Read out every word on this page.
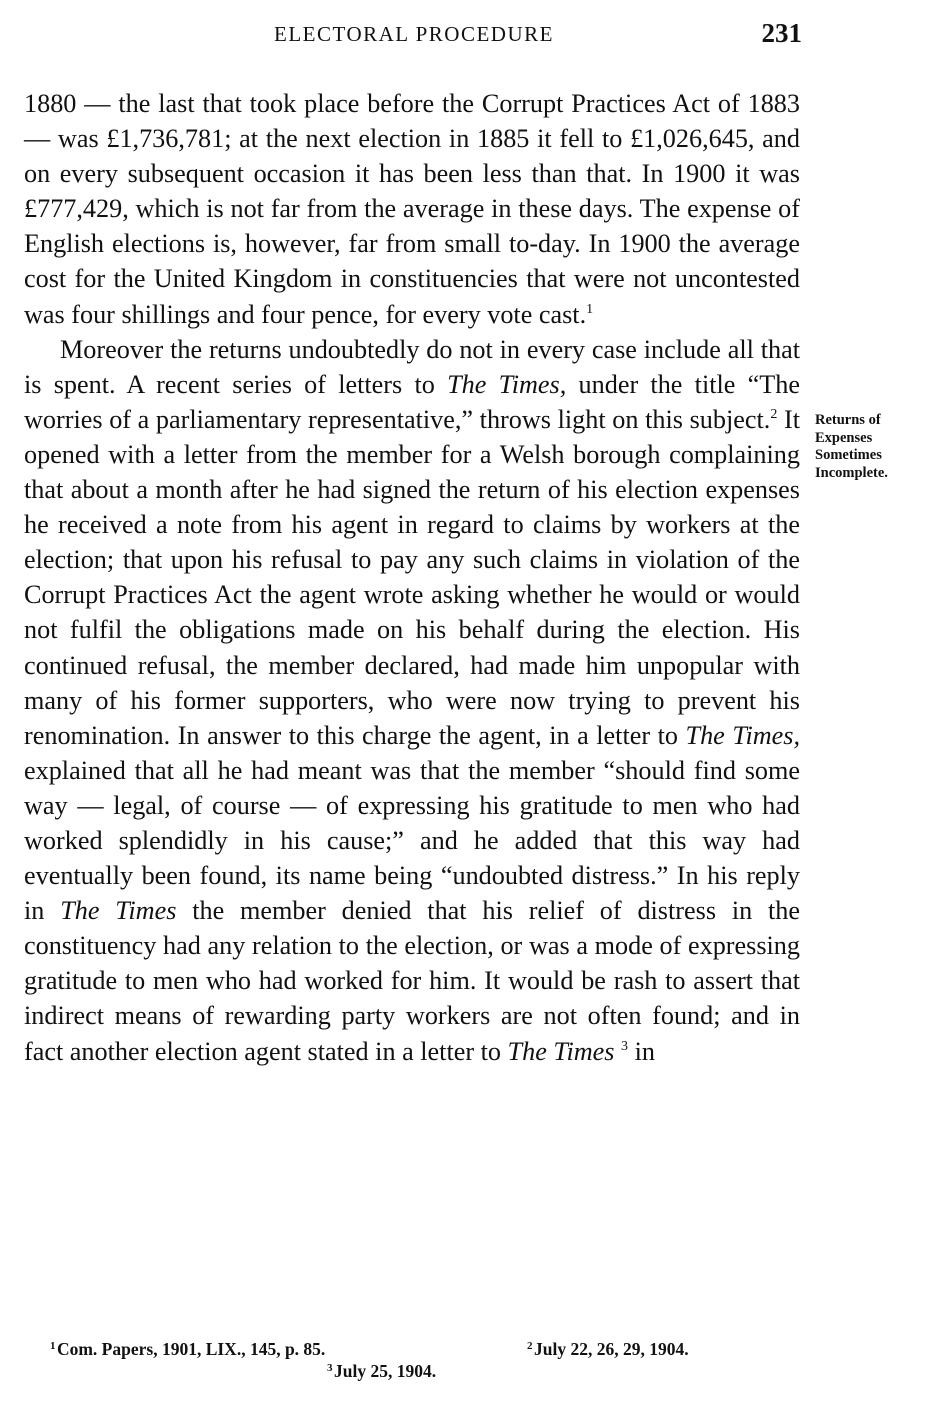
ELECTORAL PROCEDURE	231

1880 — the last that took place before the Corrupt Practices Act of 1883 — was £1,736,781; at the next election in 1885 it fell to £1,026,645, and on every subsequent occasion it has been less than that. In 1900 it was £777,429, which is not far from the average in these days. The expense of English elections is, however, far from small to-day. In 1900 the average cost for the United Kingdom in constituencies that were not uncontested was four shillings and four pence, for every vote cast.$^1$

Moreover the returns undoubtedly do not in every case include all that is spent. A recent series of letters to The Times, under the title “The worries of a parliamentary representative,” throws light on this subject.$^2$ It opened with a letter from the member for a Welsh borough complaining that about a month after he had signed the return of his election expenses he received a note from his agent in regard to claims by workers at the election; that upon his refusal to pay any such claims in violation of the Corrupt Practices Act the agent wrote asking whether he would or would not fulfil the obligations made on his behalf during the election. His continued refusal, the member declared, had made him unpopular with many of his former supporters, who were now trying to prevent his renomination. In answer to this charge the agent, in a letter to The Times, explained that all he had meant was that the member “should find some way — legal, of course — of expressing his gratitude to men who had worked splendidly in his cause;” and he added that this way had eventually been found, its name being “undoubted distress.” In his reply in The Times the member denied that his relief of distress in the constituency had any relation to the election, or was a mode of expressing gratitude to men who had worked for him. It would be rash to assert that indirect means of rewarding party workers are not often found; and in fact another election agent stated in a letter to The Times $^3$ in

Returns of
Expenses
Sometimes
Incomplete.
$^1$ Com. Papers, 1901, LIX., 145, p. 85.	$^2$ July 22, 26, 29, 1904.
$^3$ July 25, 1904.
